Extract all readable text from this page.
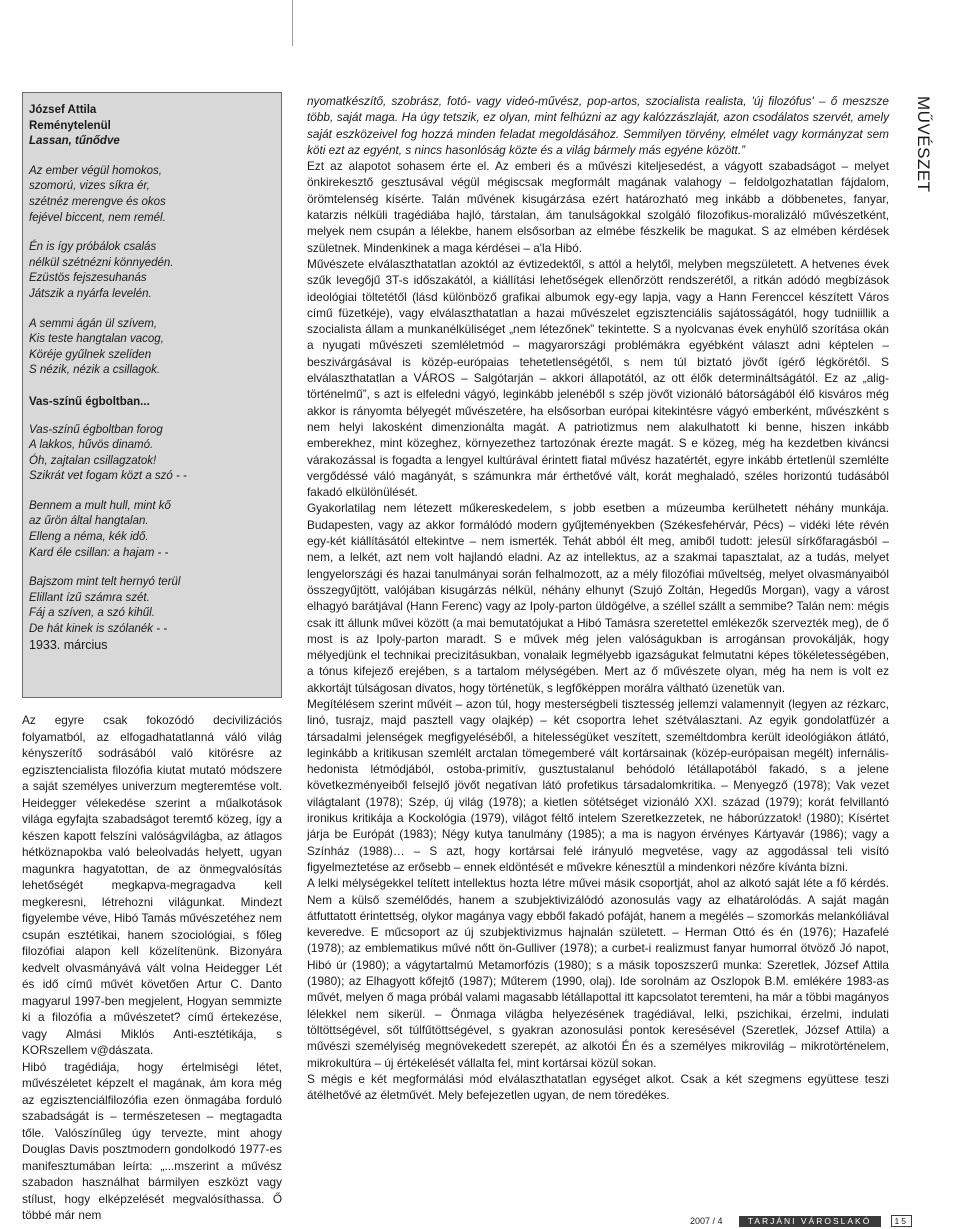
MŰVÉSZET
József Attila
Reménytelenül
Lassan, tűnődve
Az ember végül homokos,
szomorú, vizes síkra ér,
szétnéz merengve és okos
fejével biccent, nem remél.
Én is így próbálok csalás
nélkül szétnézni könnyedén.
Ezüstös fejszesuhanás
Játszik a nyárfa levelén.
A semmi ágán ül szívem,
Kis teste hangtalan vacog,
Köréje gyűlnek szelíden
S nézik, nézik a csillagok.
Vas-színű égboltban...
Vas-színű égboltban forog
A lakkos, hűvös dinamó.
Óh, zajtalan csillagzatok!
Szikrát vet fogam közt a szó - -
Bennem a mult hull, mint kő
az űrön által hangtalan.
Elleng a néma, kék idő.
Kard éle csillan: a hajam - -
Bajszom mint telt hernyó terül
Elillant ízű számra szét.
Fáj a szíven, a szó kihűl.
De hát kinek is szólanék - -
1933. március

Az egyre csak fokozódó decivilizációs folyamatból, az elfogadhatatlanná váló világ kényszerítő sodrásából való kitörésre az egzisztencialista filozófia kiutat mutató módszere a saját személyes univerzum megteremtése volt. Heidegger vélekedése szerint a műalkotások világa egyfajta szabadságot teremtő közeg, így a készen kapott felszíni valóságvilágba, az átlagos hétköznapokba való beleolvadás helyett, ugyan magunkra hagyatottan, de az önmegvalósítás lehetőségét megkapva-megragadva kell megkeresni, létrehozni világunkat. Mindezt figyelembe véve, Hibó Tamás művészetéhez nem csupán esztétikai, hanem szociológiai, s főleg filozófiai alapon kell közelítenünk. Bizonyára kedvelt olvasmányává vált volna Heidegger Lét és idő című művét követően Artur C. Danto magyarul 1997-ben megjelent, Hogyan semmizte ki a filozófia a művészetet? című értekezése, vagy Almási Miklós Anti-esztétikája, s KORszellem v@dászata.

Hibó tragédiája, hogy értelmiségi létet, művészéletet képzelt el magának, ám kora még az egzisztenciálfilozófia ezen önmagába forduló szabadságát is – természetesen – megtagadta tőle. Valószínűleg úgy tervezte, mint ahogy Douglas Davis posztmodern gondolkodó 1977-es manifesztumában leírta: „...mszerint a művész szabadon használhat bármilyen eszközt vagy stílust, hogy elképzelését megvalósíthassa. Ő többé már nem

nyomatkészítő, szobrász, fotó- vagy videó-művész, pop-artos, szocialista realista, 'új filozófus' – ő meszsze több, saját maga. Ha úgy tetszik, ez olyan, mint felhúzni az agy kalózzászlaját, azon csodálatos szervét, amely saját eszközeivel fog hozzá minden feladat megoldásához. Semmilyen törvény, elmélet vagy kormányzat sem köti ezt az egyént, s nincs hasonlóság közte és a világ bármely más egyéne között.”

Ezt az alapotot sohasem érte el. Az emberi és a művészi kiteljesedést, a vágyott szabadságot – melyet önkirekesztő gesztusával végül mégiscsak megformált magának valahogy – feldolgozhatatlan fájdalom, örömtelenség kísérte. Talán művének kisugárzása ezért határozható meg inkább a döbbenetes, fanyar, katarzis nélküli tragédiába hajló, társtalan, ám tanulságokkal szolgáló filozofikus-moralizáló művészetként, melyek nem csupán a lélekbe, hanem elsősorban az elmébe fészkelik be magukat. S az elmében kérdések születnek. Mindenkinek a maga kérdései – a'la Hibó.

Művészete elválaszthatatlan azoktól az évtizedektől, s attól a helytől, melyben megszületett. A hetvenes évek szűk levegőjű 3T-s időszakától, a kiállítási lehetőségek ellenőrzött rendszerétől, a ritkán adódó megbízások ideológiai töltetétől (lásd különböző grafikai albumok egy-egy lapja, vagy a Hann Ferenccel készített Város című füzetkéje), vagy elválaszthatatlan a hazai művészelet egzisztenciális sajátosságától, hogy tudniillik a szocialista állam a munkanélküliséget „nem létezőnek” tekintette. S a nyolcvanas évek enyhülő szorítása okán a nyugati művészeti szemléletmód – magyarországi problémákra egyébként választ adni képtelen – beszivárgásával is közép-európaias tehetetlenségétől, s nem túl biztató jövőt ígérő légkörétől. S elválaszthatatlan a VÁROS – Salgótarján – akkori állapotától, az ott élők determináltságától. Ez az „alig-történelmű”, s azt is elfeledni vágyó, leginkább jelenéből s szép jövőt vizionáló bátorságából élő kisváros még akkor is rányomta bélyegét művészetére, ha elsősorban európai kitekintésre vágyó emberként, művészként s nem helyi lakosként dimenzionálta magát. A patriotizmus nem alakulhatott ki benne, hiszen inkább emberekhez, mint közeghez, környezethez tartozónak érezte magát. S e közeg, még ha kezdetben kiváncsi várakozással is fogadta a lengyel kultúrával érintett fiatal művész hazatértét, egyre inkább értetlenül szemlélte vergődéssé váló magányát, s számunkra már érthetővé vált, korát meghaladó, széles horizontú tudásából fakadó elkülönülését.

Gyakorlatilag nem létezett műkereskedelem, s jobb esetben a múzeumba kerülhetett néhány munkája. Budapesten, vagy az akkor formálódó modern gyűjteményekben (Székesfehérvár, Pécs) – vidéki léte révén egy-két kiállításától eltekintve – nem ismerték. Tehát abból élt meg, amiből tudott: jelesül sírkőfaragásból – nem, a lelkét, azt nem volt hajlandó eladni. Az az intellektus, az a szakmai tapasztalat, az a tudás, melyet lengyelországi és hazai tanulmányai során felhalmozott, az a mély filozófiai műveltség, melyet olvasmányaiból összegyűjtött, valójában kisugárzás nélkül, néhány elhunyt (Szujó Zoltán, Hegedűs Morgan), vagy a várost elhagyó barátjával (Hann Ferenc) vagy az Ipoly-parton üldögélve, a széllel szállt a semmibe? Talán nem: mégis csak itt állunk művei között (a mai bemutatójukat a Hibó Tamásra szeretettel emlékezők szervezték meg), de ő most is az Ipoly-parton maradt. S e művek még jelen valóságukban is arrogánsan provokálják, hogy mélyedjünk el technikai precizitásukban, vonalaik legmélyebb igazságukat felmutatni képes tökéletességében, a tónus kifejező erejében, s a tartalom mélységében. Mert az ő művészete olyan, még ha nem is volt ez akkortájt túlságosan divatos, hogy történetük, s legfőképpen morálra váltható üzenetük van.

Megítélésem szerint művéit – azon túl, hogy mesterségbeli tisztesség jellemzi valamennyit (legyen az rézkarc, linó, tusrajz, majd pasztell vagy olajkép) – két csoportra lehet szétválasztani. Az egyik gondolatfüzér a társadalmi jelenségek megfigyeléséből, a hitelességüket veszített, személtdombra került ideológiákon átlátó, leginkább a kritikusan szemlélt arctalan tömegemberé vált kortársainak (közép-európaisan megélt) infernális-hedonista létmódjából, ostoba-primitív, gusztustalanul behódoló létállapotából fakadó, s a jelene következményeiből felsejlő jövőt negatívan látó profetikus társadalomkritika. – Menyegző (1978); Vak vezet világtalant (1978); Szép, új világ (1978); a kietlen sötétséget vizionáló XXI. század (1979); korát felvillantó ironikus kritikája a Kockológia (1979), világot féltő intelem Szeretkezzetek, ne háborúzzatok! (1980); Kísértet járja be Európát (1983); Négy kutya tanulmány (1985); a ma is nagyon érvényes Kártyavár (1986); vagy a Színház (1988)… – S azt, hogy kortársai felé irányuló megvetése, vagy az aggodással teli visító figyelmeztetése az erősebb – ennek eldöntését e művekre kénesztül a mindenkori nézőre kívánta bízni.

A lelki mélységekkel telített intellektus hozta létre művei másik csoportját, ahol az alkotó saját léte a fő kérdés. Nem a külső személődés, hanem a szubjektivizálódó azonosulás vagy az elhatárolódás. A saját magán átfuttatott érintettség, olykor magánya vagy ebből fakadó pofáját, hanem a megélés – szomorkás melankóliával keveredve. E műcsoport az új szubjektivizmus hajnalán született. – Herman Ottó és én (1976); Hazafelé (1978); az emblematikus művé nőtt ön-Gulliver (1978); a curbet-i realizmust fanyar humorral ötvöző Jó napot, Hibó úr (1980); a vágytartalmú Metamorfózis (1980); s a másik toposzszerű munka: Szeretlek, József Attila (1980); az Elhagyott kőfejtő (1987); Műterem (1990, olaj). Ide sorolnám az Oszlopok B.M. emlékére 1983-as művét, melyen ő maga próbál valami magasabb létállapottal itt kapcsolatot teremteni, ha már a többi magányos lélekkel nem sikerül. – Önmaga világba helyezésének tragédiával, lelki, pszichikai, érzelmi, indulati töltöttségével, sőt túlfűtöttségével, s gyakran azonosulási pontok keresésével (Szeretlek, József Attila) a művészi személyiség megnövekedett szerepét, az alkotói Én és a személyes mikrovilág – mikrotörténelem, mikrokultúra – új értékelését vállalta fel, mint kortársai közül sokan.

S mégis e két megformálási mód elválaszthatatlan egységet alkot. Csak a két szegmens együttese teszi átélhetővé az életművét. Mely befejezetlen ugyan, de nem töredékes.

2007 / 4	TARJÁNI VÁROSLAKÓ	15
